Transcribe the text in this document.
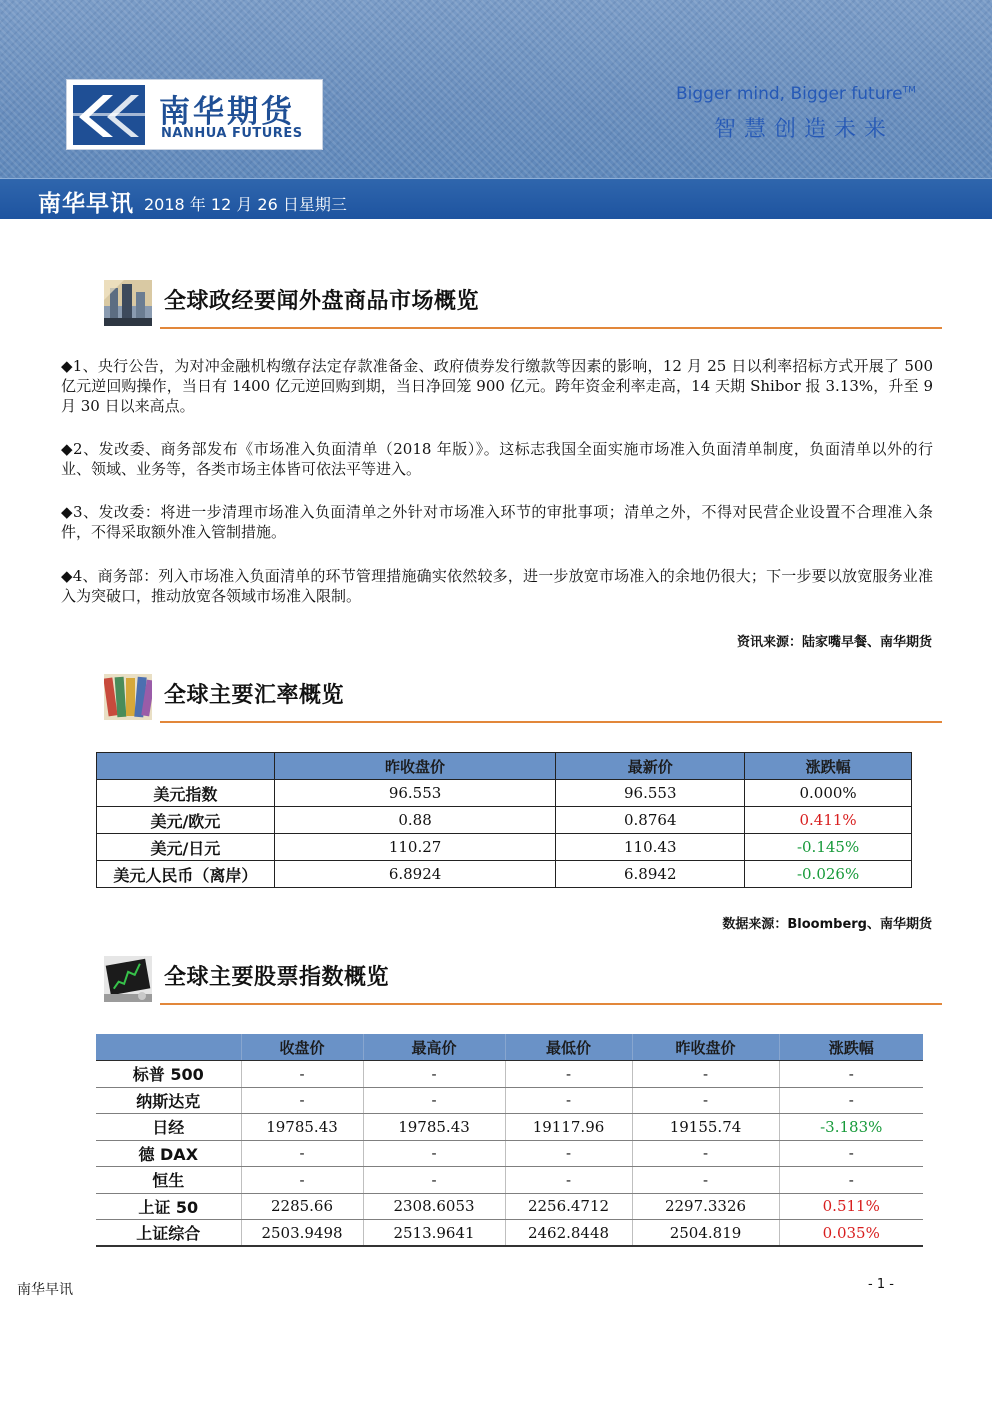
南华期货
NANHUA FUTURES
Bigger mind, Bigger future™
智慧创造未来
南华早讯 2018 年 12 月 26 日星期三
全球政经要闻外盘商品市场概览

◆1、央行公告，为对冲金融机构缴存法定存款准备金、政府债券发行缴款等因素的影响，12 月 25 日以利率招标方式开展了 500 亿元逆回购操作，当日有 1400 亿元逆回购到期，当日净回笼 900 亿元。跨年资金利率走高，14 天期 Shibor 报 3.13%，升至 9 月 30 日以来高点。

◆2、发改委、商务部发布《市场准入负面清单（2018 年版）》。这标志我国全面实施市场准入负面清单制度，负面清单以外的行业、领域、业务等，各类市场主体皆可依法平等进入。

◆3、发改委：将进一步清理市场准入负面清单之外针对市场准入环节的审批事项；清单之外，不得对民营企业设置不合理准入条件，不得采取额外准入管制措施。

◆4、商务部：列入市场准入负面清单的环节管理措施确实依然较多，进一步放宽市场准入的余地仍很大；下一步要以放宽服务业准入为突破口，推动放宽各领域市场准入限制。

资讯来源：陆家嘴早餐、南华期货
全球主要汇率概览
	昨收盘价	最新价	涨跌幅
美元指数	96.553	96.553	0.000%
美元/欧元	0.88	0.8764	0.411%
美元/日元	110.27	110.43	-0.145%
美元人民币（离岸）	6.8924	6.8942	-0.026%
数据来源：Bloomberg、南华期货
全球主要股票指数概览
	收盘价	最高价	最低价	昨收盘价	涨跌幅
标普 500	-	-	-	-	-
纳斯达克	-	-	-	-	-
日经	19785.43	19785.43	19117.96	19155.74	-3.183%
德 DAX	-	-	-	-	-
恒生	-	-	-	-	-
上证 50	2285.66	2308.6053	2256.4712	2297.3326	0.511%
上证综合	2503.9498	2513.9641	2462.8448	2504.819	0.035%
南华早讯	- 1 -
